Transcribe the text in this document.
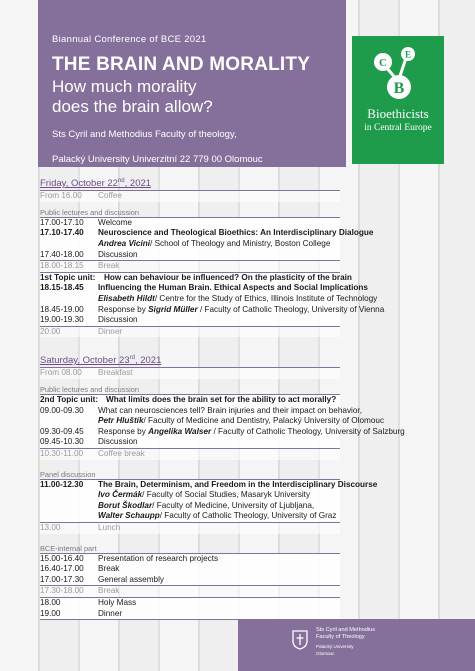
Biannual Conference of BCE 2021
THE BRAIN AND MORALITY
How much morality
does the brain allow?
Sts Cyril and Methodius Faculty of theology,
Palacký University Univerzitní 22 779 00 Olomouc
C
E
B
Bioethicists
in Central Europe
Friday, October 22nd, 2021
From 16.00	Coffee
Public lectures and discussion
17.00-17.10	Welcome
17.10-17.40	Neuroscience and Theological Bioethics: An Interdisciplinary Dialogue
Andrea Vicini / School of Theology and Ministry, Boston College
17.40-18.00	Discussion
18.00-18.15	Break
1st Topic unit:	How can behaviour be influenced? On the plasticity of the brain
18.15-18.45	Influencing the Human Brain. Ethical Aspects and Social Implications
Elisabeth Hildt / Centre for the Study of Ethics, Illinois Institute of Technology
18.45-19.00	Response by Sigrid Müller / Faculty of Catholic Theology, University of Vienna
19.00-19.30	Discussion
20.00	Dinner
Saturday, October 23rd, 2021
From 08.00	Breakfast
Public lectures and discussion
2nd Topic unit: What limits does the brain set for the ability to act morally?
09.00-09.30	What can neurosciences tell? Brain injuries and their impact on behavior,
Petr Hluštík / Faculty of Medicine and Dentistry, Palacký University of Olomouc
09.30-09.45	Response by Angelika Walser / Faculty of Catholic Theology, University of Salzburg
09.45-10.30	Discussion
10.30-11.00	Coffee break
Panel discussion
11.00-12.30	The Brain, Determinism, and Freedom in the Interdisciplinary Discourse
Ivo Čermák / Faculty of Social Studies, Masaryk University
Borut Škodlar / Faculty of Medicine, University of Ljubljana,
Walter Schaupp / Faculty of Catholic Theology, University of Graz
13.00	Lunch
BCE-internal part
15.00-16.40	Presentation of research projects
16.40-17.00	Break
17.00-17.30	General assembly
17.30-18.00	Break
18.00	Holy Mass
19.00	Dinner
Sts Cyril and Methodius
Faculty of Theology
Palacký University
Olomouc
